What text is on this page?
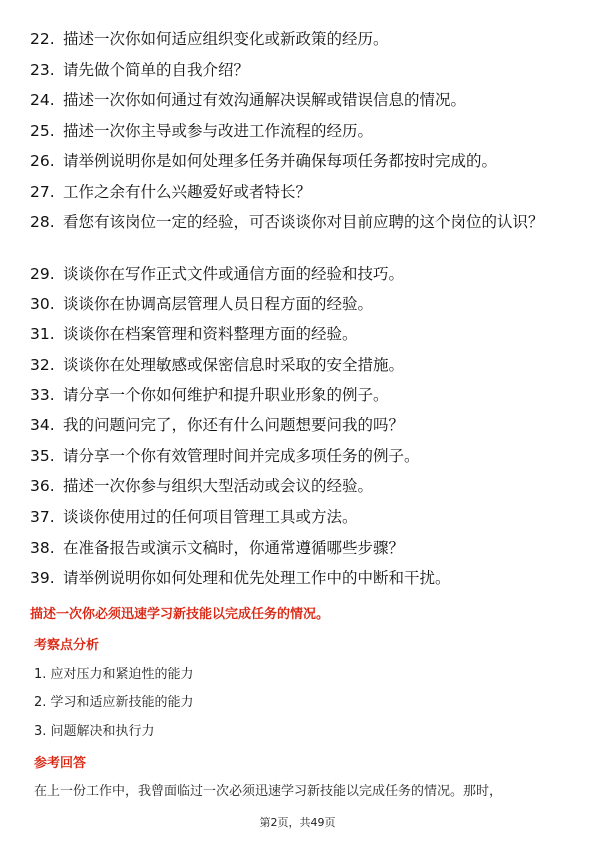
22. 描述一次你如何适应组织变化或新政策的经历。
23. 请先做个简单的自我介绍？
24. 描述一次你如何通过有效沟通解决误解或错误信息的情况。
25. 描述一次你主导或参与改进工作流程的经历。
26. 请举例说明你是如何处理多任务并确保每项任务都按时完成的。
27. 工作之余有什么兴趣爱好或者特长？
28. 看您有该岗位一定的经验，可否谈谈你对目前应聘的这个岗位的认识？
29. 谈谈你在写作正式文件或通信方面的经验和技巧。
30. 谈谈你在协调高层管理人员日程方面的经验。
31. 谈谈你在档案管理和资料整理方面的经验。
32. 谈谈你在处理敏感或保密信息时采取的安全措施。
33. 请分享一个你如何维护和提升职业形象的例子。
34. 我的问题问完了，你还有什么问题想要问我的吗？
35. 请分享一个你有效管理时间并完成多项任务的例子。
36. 描述一次你参与组织大型活动或会议的经验。
37. 谈谈你使用过的任何项目管理工具或方法。
38. 在准备报告或演示文稿时，你通常遵循哪些步骤？
39. 请举例说明你如何处理和优先处理工作中的中断和干扰。
描述一次你必须迅速学习新技能以完成任务的情况。
考察点分析
1. 应对压力和紧迫性的能力
2. 学习和适应新技能的能力
3. 问题解决和执行力
参考回答
在上一份工作中，我曾面临过一次必须迅速学习新技能以完成任务的情况。那时，
第2页，共49页
